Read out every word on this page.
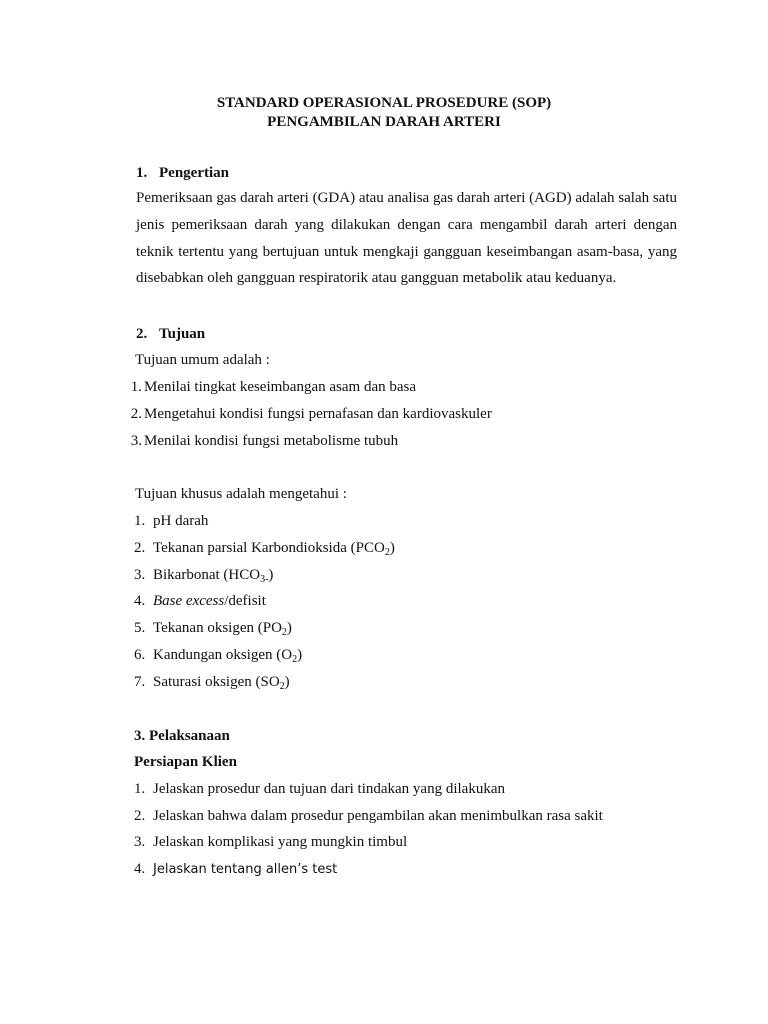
STANDARD OPERASIONAL PROSEDURE (SOP)
PENGAMBILAN DARAH ARTERI
1. Pengertian
Pemeriksaan gas darah arteri (GDA) atau analisa gas darah arteri (AGD) adalah salah satu jenis pemeriksaan darah yang dilakukan dengan cara mengambil darah arteri dengan teknik tertentu yang bertujuan untuk mengkaji gangguan keseimbangan asam-basa, yang disebabkan oleh gangguan respiratorik atau gangguan metabolik atau keduanya.
2. Tujuan
Tujuan umum adalah :
1. Menilai tingkat keseimbangan asam dan basa
2. Mengetahui kondisi fungsi pernafasan dan kardiovaskuler
3. Menilai kondisi fungsi metabolisme tubuh
Tujuan khusus adalah mengetahui :
1. pH darah
2. Tekanan parsial Karbondioksida $(PCO_2)$
3. Bikarbonat $(HCO_{3-})$
4. Base excess/defisit
5. Tekanan oksigen $(PO_2)$
6. Kandungan oksigen $(O_2)$
7. Saturasi oksigen $(SO_2)$
3. Pelaksanaan
Persiapan Klien
1. Jelaskan prosedur dan tujuan dari tindakan yang dilakukan
2. Jelaskan bahwa dalam prosedur pengambilan akan menimbulkan rasa sakit
3. Jelaskan komplikasi yang mungkin timbul
4. Jelaskan tentang allen’s test
